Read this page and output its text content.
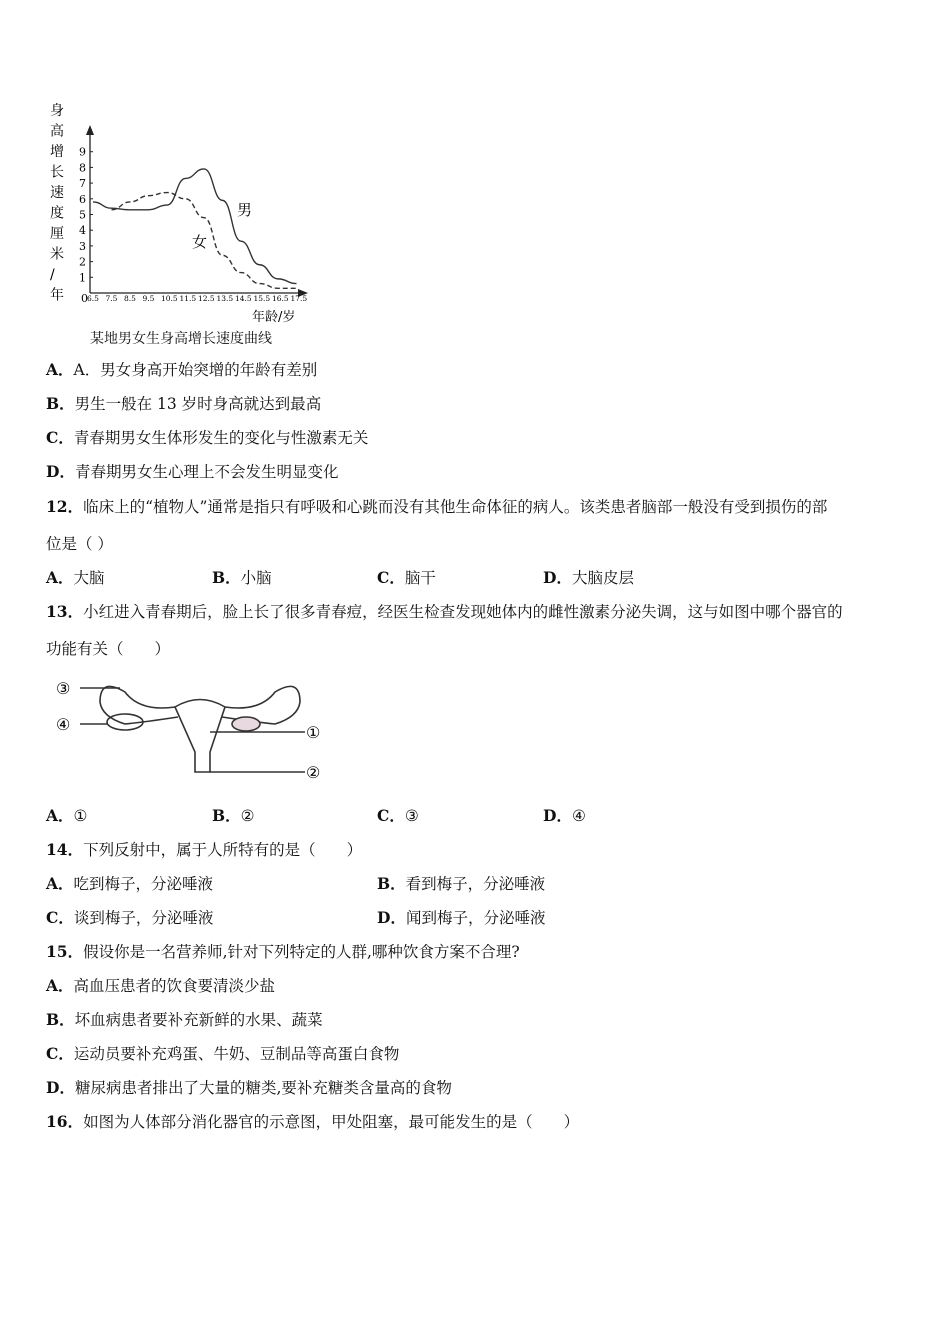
身
高
增
长
速
度
厘
米
/
年
1
2
3
4
5
6
7
8
9
0 6.5 7.5 8.5 9.5 10.5 11.5 12.5 13.5 14.5 15.5 16.5 17.5
年龄/岁
男
女
某地男女生身高增长速度曲线
A．A．男女身高开始突增的年龄有差别
B．男生一般在 13 岁时身高就达到最高
C．青春期男女生体形发生的变化与性激素无关
D．青春期男女生心理上不会发生明显变化
12．临床上的“植物人”通常是指只有呼吸和心跳而没有其他生命体征的病人。该类患者脑部一般没有受到损伤的部
位是（ ）
A．大脑	B．小脑	C．脑干	D．大脑皮层
13．小红进入青春期后，脸上长了很多青春痘，经医生检查发现她体内的雌性激素分泌失调，这与如图中哪个器官的
功能有关（　　）
③
④	①
②
A．①	B．②	C．③	D．④
14．下列反射中，属于人所特有的是（　　）
A．吃到梅子，分泌唾液	B．看到梅子，分泌唾液
C．谈到梅子，分泌唾液	D．闻到梅子，分泌唾液
15．假设你是一名营养师,针对下列特定的人群,哪种饮食方案不合理?
A．高血压患者的饮食要清淡少盐
B．坏血病患者要补充新鲜的水果、蔬菜
C．运动员要补充鸡蛋、牛奶、豆制品等高蛋白食物
D．糖尿病患者排出了大量的糖类,要补充糖类含量高的食物
16．如图为人体部分消化器官的示意图，甲处阻塞，最可能发生的是（　　）
